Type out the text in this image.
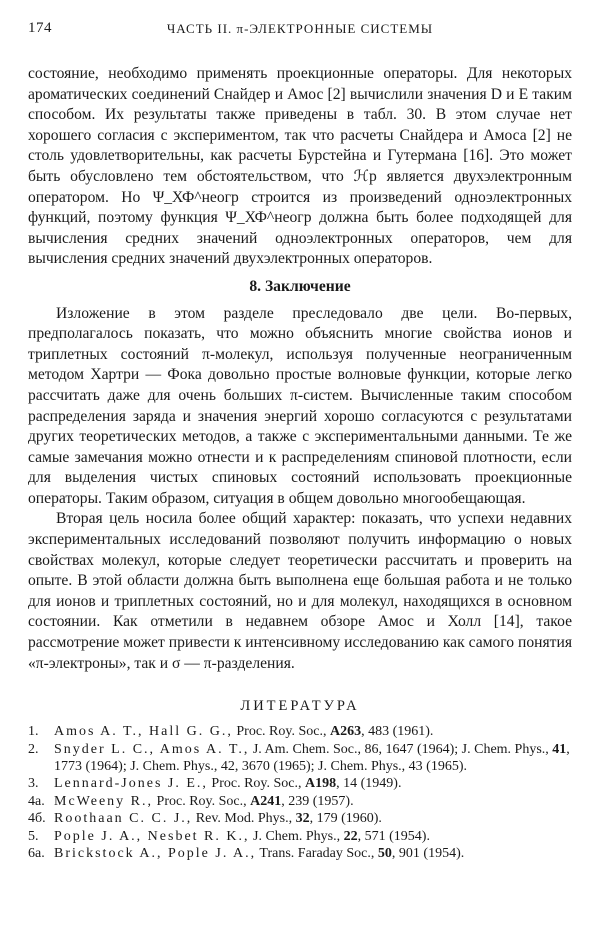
174	ЧАСТЬ II. π-ЭЛЕКТРОННЫЕ СИСТЕМЫ

состояние, необходимо применять проекционные операторы. Для некоторых ароматических соединений Снайдер и Амос [2] вычислили значения D и E таким способом. Их результаты также приведены в табл. 30. В этом случае нет хорошего согласия с экспериментом, так что расчеты Снайдера и Амоса [2] не столь удовлетворительны, как расчеты Бурстейна и Гутермана [16]. Это может быть обусловлено тем обстоятельством, что ℋp является двухэлектронным оператором. Но Ψ_ХФ^неогр строится из произведений одноэлектронных функций, поэтому функция Ψ_ХФ^неогр должна быть более подходящей для вычисления средних значений одноэлектронных операторов, чем для вычисления средних значений двухэлектронных операторов.

8. Заключение

Изложение в этом разделе преследовало две цели. Во-первых, предполагалось показать, что можно объяснить многие свойства ионов и триплетных состояний π-молекул, используя полученные неограниченным методом Хартри — Фока довольно простые волновые функции, которые легко рассчитать даже для очень больших π-систем. Вычисленные таким способом распределения заряда и значения энергий хорошо согласуются с результатами других теоретических методов, а также с экспериментальными данными. Те же самые замечания можно отнести и к распределениям спиновой плотности, если для выделения чистых спиновых состояний использовать проекционные операторы. Таким образом, ситуация в общем довольно многообещающая.

Вторая цель носила более общий характер: показать, что успехи недавних экспериментальных исследований позволяют получить информацию о новых свойствах молекул, которые следует теоретически рассчитать и проверить на опыте. В этой области должна быть выполнена еще большая работа и не только для ионов и триплетных состояний, но и для молекул, находящихся в основном состоянии. Как отметили в недавнем обзоре Амос и Холл [14], такое рассмотрение может привести к интенсивному исследованию как самого понятия «π-электроны», так и σ — π-разделения.

ЛИТЕРАТУРА
1.	Amos A. T., Hall G. G., Proc. Roy. Soc., A263, 483 (1961).
2.	Snyder L. C., Amos A. T., J. Am. Chem. Soc., 86, 1647 (1964); J. Chem. Phys., 41, 1773 (1964); J. Chem. Phys., 42, 3670 (1965); J. Chem. Phys., 43 (1965).
3.	Lennard-Jones J. E., Proc. Roy. Soc., A198, 14 (1949).
4а. McWeeny R., Proc. Roy. Soc., A241, 239 (1957).
4б. Roothaan C. C. J., Rev. Mod. Phys., 32, 179 (1960).
5.	Pople J. A., Nesbet R. K., J. Chem. Phys., 22, 571 (1954).
6а. Brickstock A., Pople J. A., Trans. Faraday Soc., 50, 901 (1954).
